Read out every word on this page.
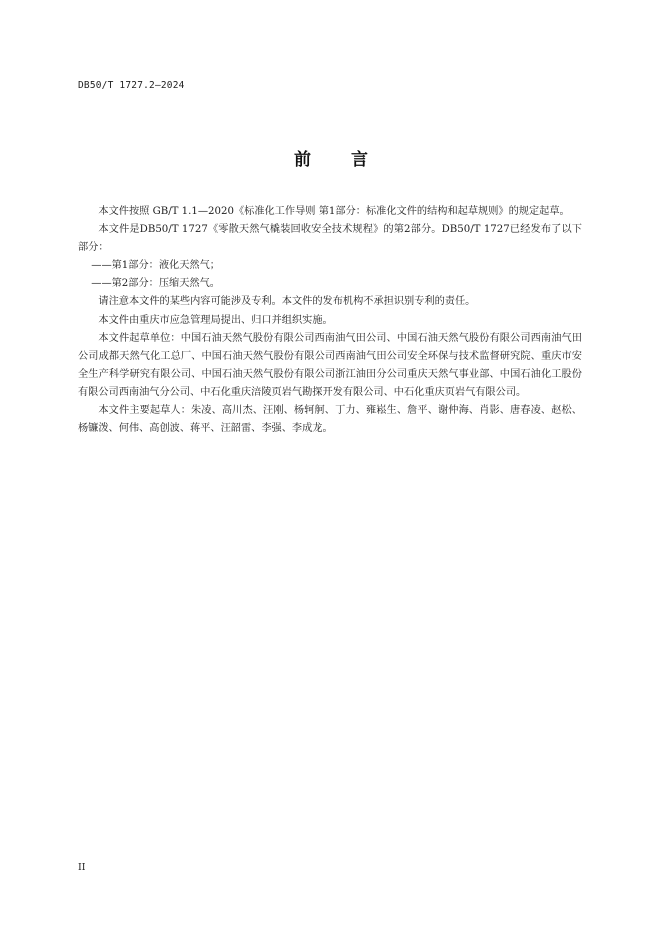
DB50/T 1727.2—2024
前言

本文件按照 GB/T 1.1—2020《标准化工作导则 第1部分：标准化文件的结构和起草规则》的规定起草。

本文件是DB50/T 1727《零散天然气橇装回收安全技术规程》的第2部分。DB50/T 1727已经发布了以下部分：

——第1部分：液化天然气；

——第2部分：压缩天然气。

请注意本文件的某些内容可能涉及专利。本文件的发布机构不承担识别专利的责任。

本文件由重庆市应急管理局提出、归口并组织实施。

本文件起草单位：中国石油天然气股份有限公司西南油气田公司、中国石油天然气股份有限公司西南油气田公司成都天然气化工总厂、中国石油天然气股份有限公司西南油气田公司安全环保与技术监督研究院、重庆市安全生产科学研究有限公司、中国石油天然气股份有限公司浙江油田分公司重庆天然气事业部、中国石油化工股份有限公司西南油气分公司、中石化重庆涪陵页岩气勘探开发有限公司、中石化重庆页岩气有限公司。

本文件主要起草人：朱凌、高川杰、汪刚、杨轲舸、丁力、雍崧生、詹平、谢仲海、肖影、唐春凌、赵松、杨镰泼、何伟、高创波、蒋平、汪韶雷、李强、李成龙。

II
